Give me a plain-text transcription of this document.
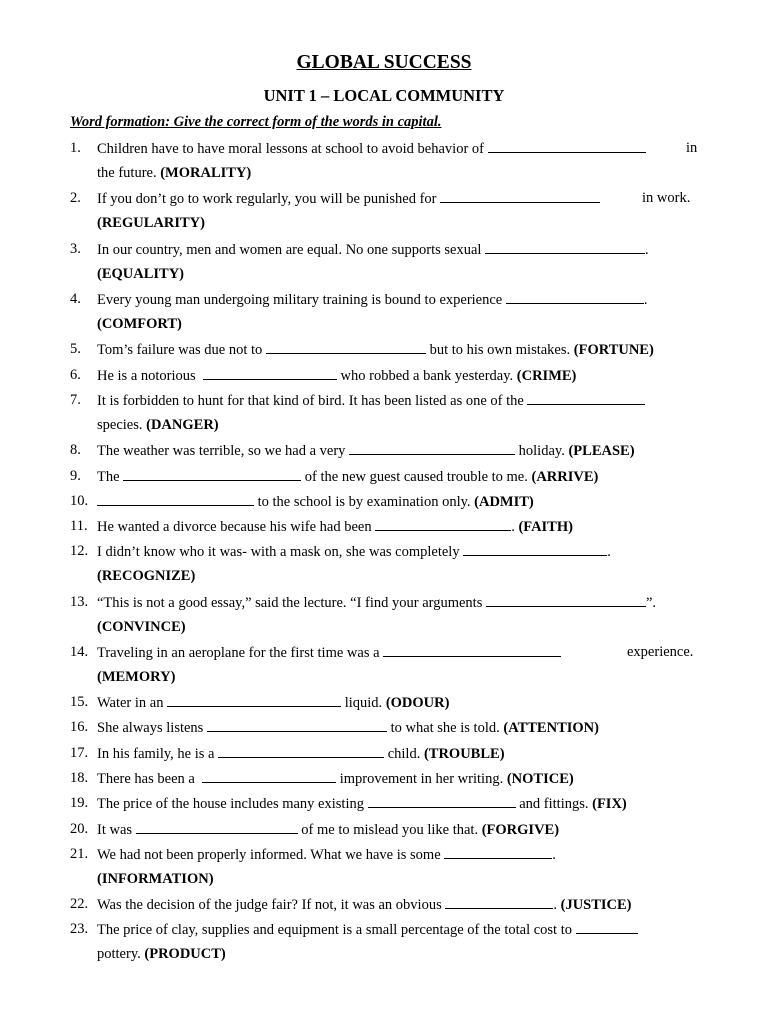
GLOBAL SUCCESS
UNIT 1 – LOCAL COMMUNITY
Word formation: Give the correct form of the words in capital.
1. Children have to have moral lessons at school to avoid behavior of	in
the future. (MORALITY)
2. If you don’t go to work regularly, you will be punished for	in work.
(REGULARITY)
3. In our country, men and women are equal. No one supports sexual	.
(EQUALITY)
4. Every young man undergoing military training is bound to experience	.
(COMFORT)
5. Tom’s failure was due not to	but to his own mistakes. (FORTUNE)
6. He is a notorious	who robbed a bank yesterday. (CRIME)
7. It is forbidden to hunt for that kind of bird. It has been listed as one of the
species. (DANGER)
8. The weather was terrible, so we had a very	holiday. (PLEASE)
9. The	of the new guest caused trouble to me. (ARRIVE)
10.	to the school is by examination only. (ADMIT)
11. He wanted a divorce because his wife had been	. (FAITH)
12. I didn’t know who it was- with a mask on, she was completely	.
(RECOGNIZE)
13. “This is not a good essay,” said the lecture. “I find your arguments	”.
(CONVINCE)
14. Traveling in an aeroplane for the first time was a	experience.
(MEMORY)
15. Water in an	liquid. (ODOUR)
16. She always listens	to what she is told. (ATTENTION)
17. In his family, he is a	child. (TROUBLE)
18. There has been a	improvement in her writing. (NOTICE)
19. The price of the house includes many existing	and fittings. (FIX)
20. It was	of me to mislead you like that. (FORGIVE)
21. We had not been properly informed. What we have is some	.
(INFORMATION)
22. Was the decision of the judge fair? If not, it was an obvious	. (JUSTICE)
23. The price of clay, supplies and equipment is a small percentage of the total cost to
pottery. (PRODUCT)
